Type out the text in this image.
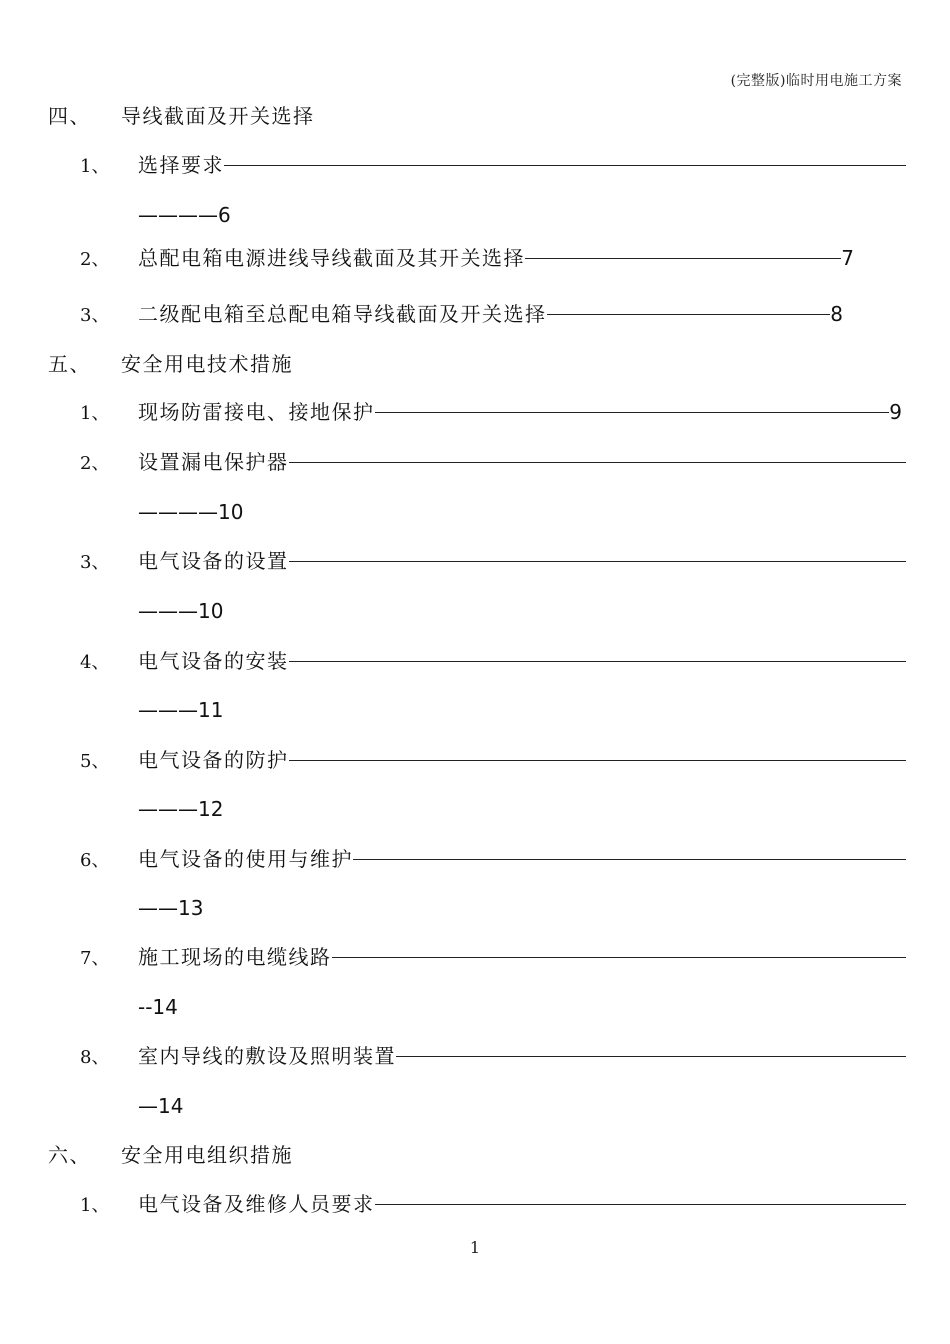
(完整版)临时用电施工方案
四、 导线截面及开关选择
1、 选择要求
————6
2、 总配电箱电源进线导线截面及其开关选择	7
3、 二级配电箱至总配电箱导线截面及开关选择	8
五、 安全用电技术措施
1、 现场防雷接电、接地保护	9
2、 设置漏电保护器
————10
3、 电气设备的设置
———10
4、 电气设备的安装
———11
5、 电气设备的防护
———12
6、 电气设备的使用与维护
——13
7、 施工现场的电缆线路
--14
8、 室内导线的敷设及照明装置
—14
六、 安全用电组织措施
1、 电气设备及维修人员要求
1
